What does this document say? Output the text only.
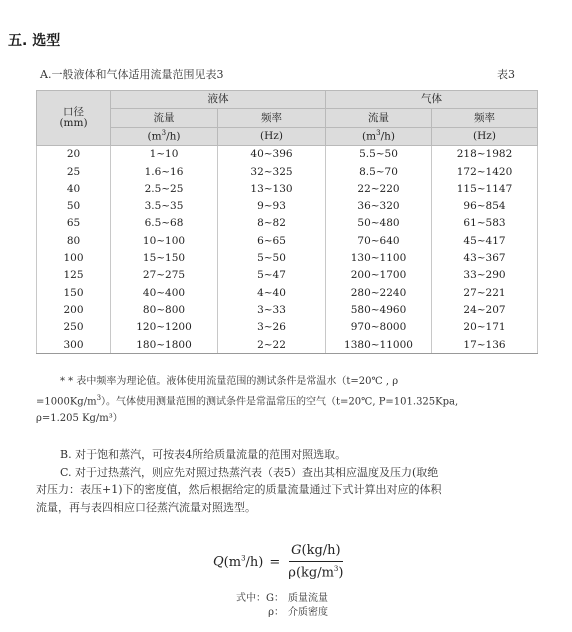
五. 选型
A.一般液体和气体适用流量范围见表3	表3
口径
(mm)	液体		气体	
	流量	频率	流量	频率
	$(m^3/h)$	(Hz)	$(m^3/h)$	(Hz)
20	1~10	40~396	5.5~50	218~1982
25	1.6~16	32~325	8.5~70	172~1420
40	2.5~25	13~130	22~220	115~1147
50	3.5~35	9~93	36~320	96~854
65	6.5~68	8~82	50~480	61~583
80	10~100	6~65	70~640	45~417
100	15~150	5~50	130~1100	43~367
125	27~275	5~47	200~1700	33~290
150	40~400	4~40	280~2240	27~221
200	80~800	3~33	580~4960	24~207
250	120~1200	3~26	970~8000	20~171
300	180~1800	2~22	1380~11000	17~136

* * 表中频率为理论值。液体使用流量范围的测试条件是常温水（t=20℃ , ρ

$=1000Kg/m^3$）。气体使用测量范围的测试条件是常温常压的空气（t=20℃, P=101.325Kpa,

ρ=1.205 Kg/m³）

B. 对于饱和蒸汽，可按表4所给质量流量的范围对照选取。

C. 对于过热蒸汽，则应先对照过热蒸汽表（表5）查出其相应温度及压力(取绝

对压力：表压+1)下的密度值，然后根据给定的质量流量通过下式计算出对应的体积

流量，再与表四相应口径蒸汽流量对照选型。

$Q(m^3/h) = \frac{G(kg/h)}{\rho(kg/m^3)}$
式中：G： 质量流量
ρ： 介质密度
